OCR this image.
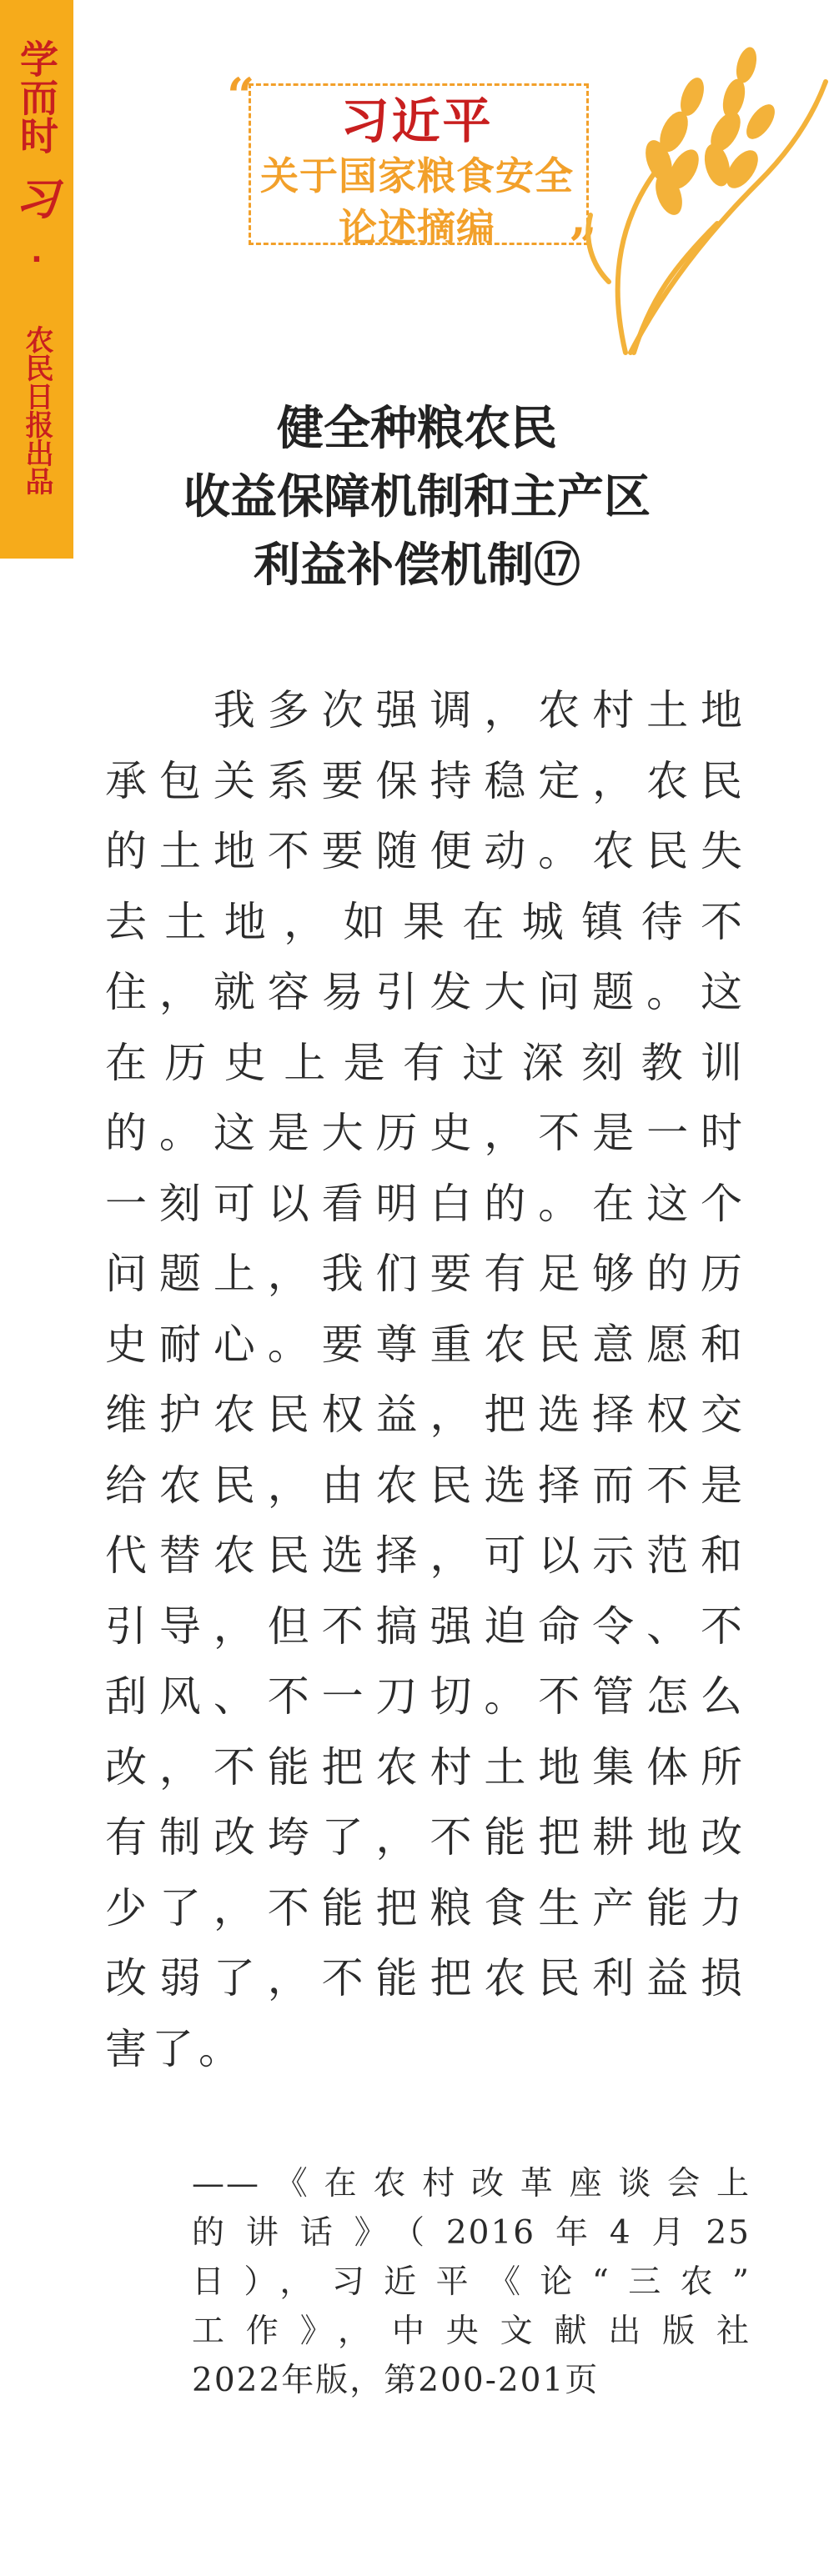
学而时
习
·
农民日报出品
“
”
习近平
关于国家粮食安全
论述摘编
健全种粮农民
收益保障机制和主产区
利益补偿机制⑰
　　我多次强调，农村土地
承包关系要保持稳定，农民
的土地不要随便动。农民失
去土地，如果在城镇待不
住，就容易引发大问题。这
在历史上是有过深刻教训
的。这是大历史，不是一时
一刻可以看明白的。在这个
问题上，我们要有足够的历
史耐心。要尊重农民意愿和
维护农民权益，把选择权交
给农民，由农民选择而不是
代替农民选择，可以示范和
引导，但不搞强迫命令、不
刮风、不一刀切。不管怎么
改，不能把农村土地集体所
有制改垮了，不能把耕地改
少了，不能把粮食生产能力
改弱了，不能把农民利益损
害了。
——《在农村改革座谈会上
的讲话》（2016年4月25
日），习近平《论“三农”
工作》，中央文献出版社
2022年版，第200-201页
